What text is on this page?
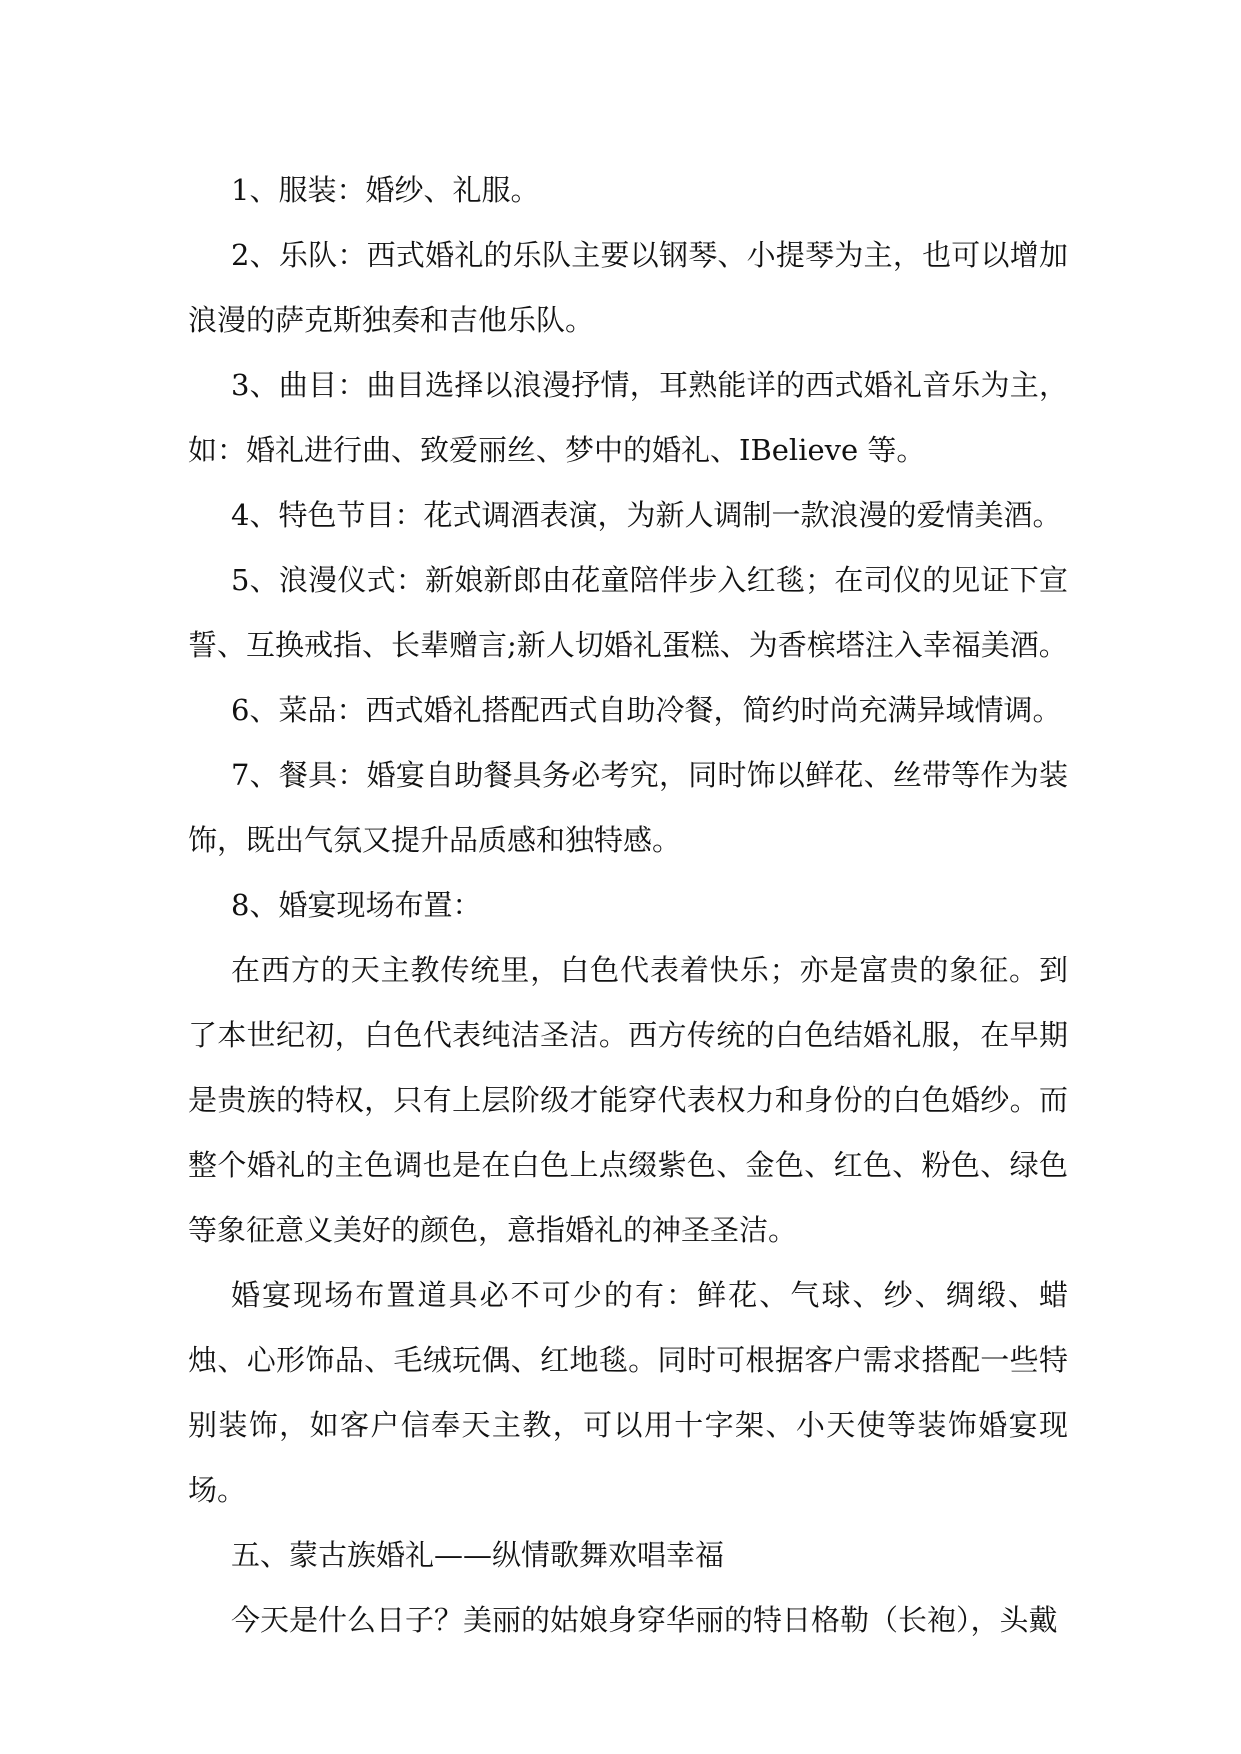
1、服装：婚纱、礼服。

2、乐队：西式婚礼的乐队主要以钢琴、小提琴为主，也可以增加浪漫的萨克斯独奏和吉他乐队。

3、曲目：曲目选择以浪漫抒情，耳熟能详的西式婚礼音乐为主，如：婚礼进行曲、致爱丽丝、梦中的婚礼、IBelieve 等。

4、特色节目：花式调酒表演，为新人调制一款浪漫的爱情美酒。

5、浪漫仪式：新娘新郎由花童陪伴步入红毯；在司仪的见证下宣誓、互换戒指、长辈赠言;新人切婚礼蛋糕、为香槟塔注入幸福美酒。

6、菜品：西式婚礼搭配西式自助冷餐，简约时尚充满异域情调。

7、餐具：婚宴自助餐具务必考究，同时饰以鲜花、丝带等作为装饰，既出气氛又提升品质感和独特感。

8、婚宴现场布置：

在西方的天主教传统里，白色代表着快乐；亦是富贵的象征。到了本世纪初，白色代表纯洁圣洁。西方传统的白色结婚礼服，在早期是贵族的特权，只有上层阶级才能穿代表权力和身份的白色婚纱。而整个婚礼的主色调也是在白色上点缀紫色、金色、红色、粉色、绿色等象征意义美好的颜色，意指婚礼的神圣圣洁。

婚宴现场布置道具必不可少的有：鲜花、气球、纱、绸缎、蜡烛、心形饰品、毛绒玩偶、红地毯。同时可根据客户需求搭配一些特别装饰，如客户信奉天主教，可以用十字架、小天使等装饰婚宴现场。

五、蒙古族婚礼——纵情歌舞欢唱幸福

今天是什么日子？美丽的姑娘身穿华丽的特日格勒（长袍），头戴
